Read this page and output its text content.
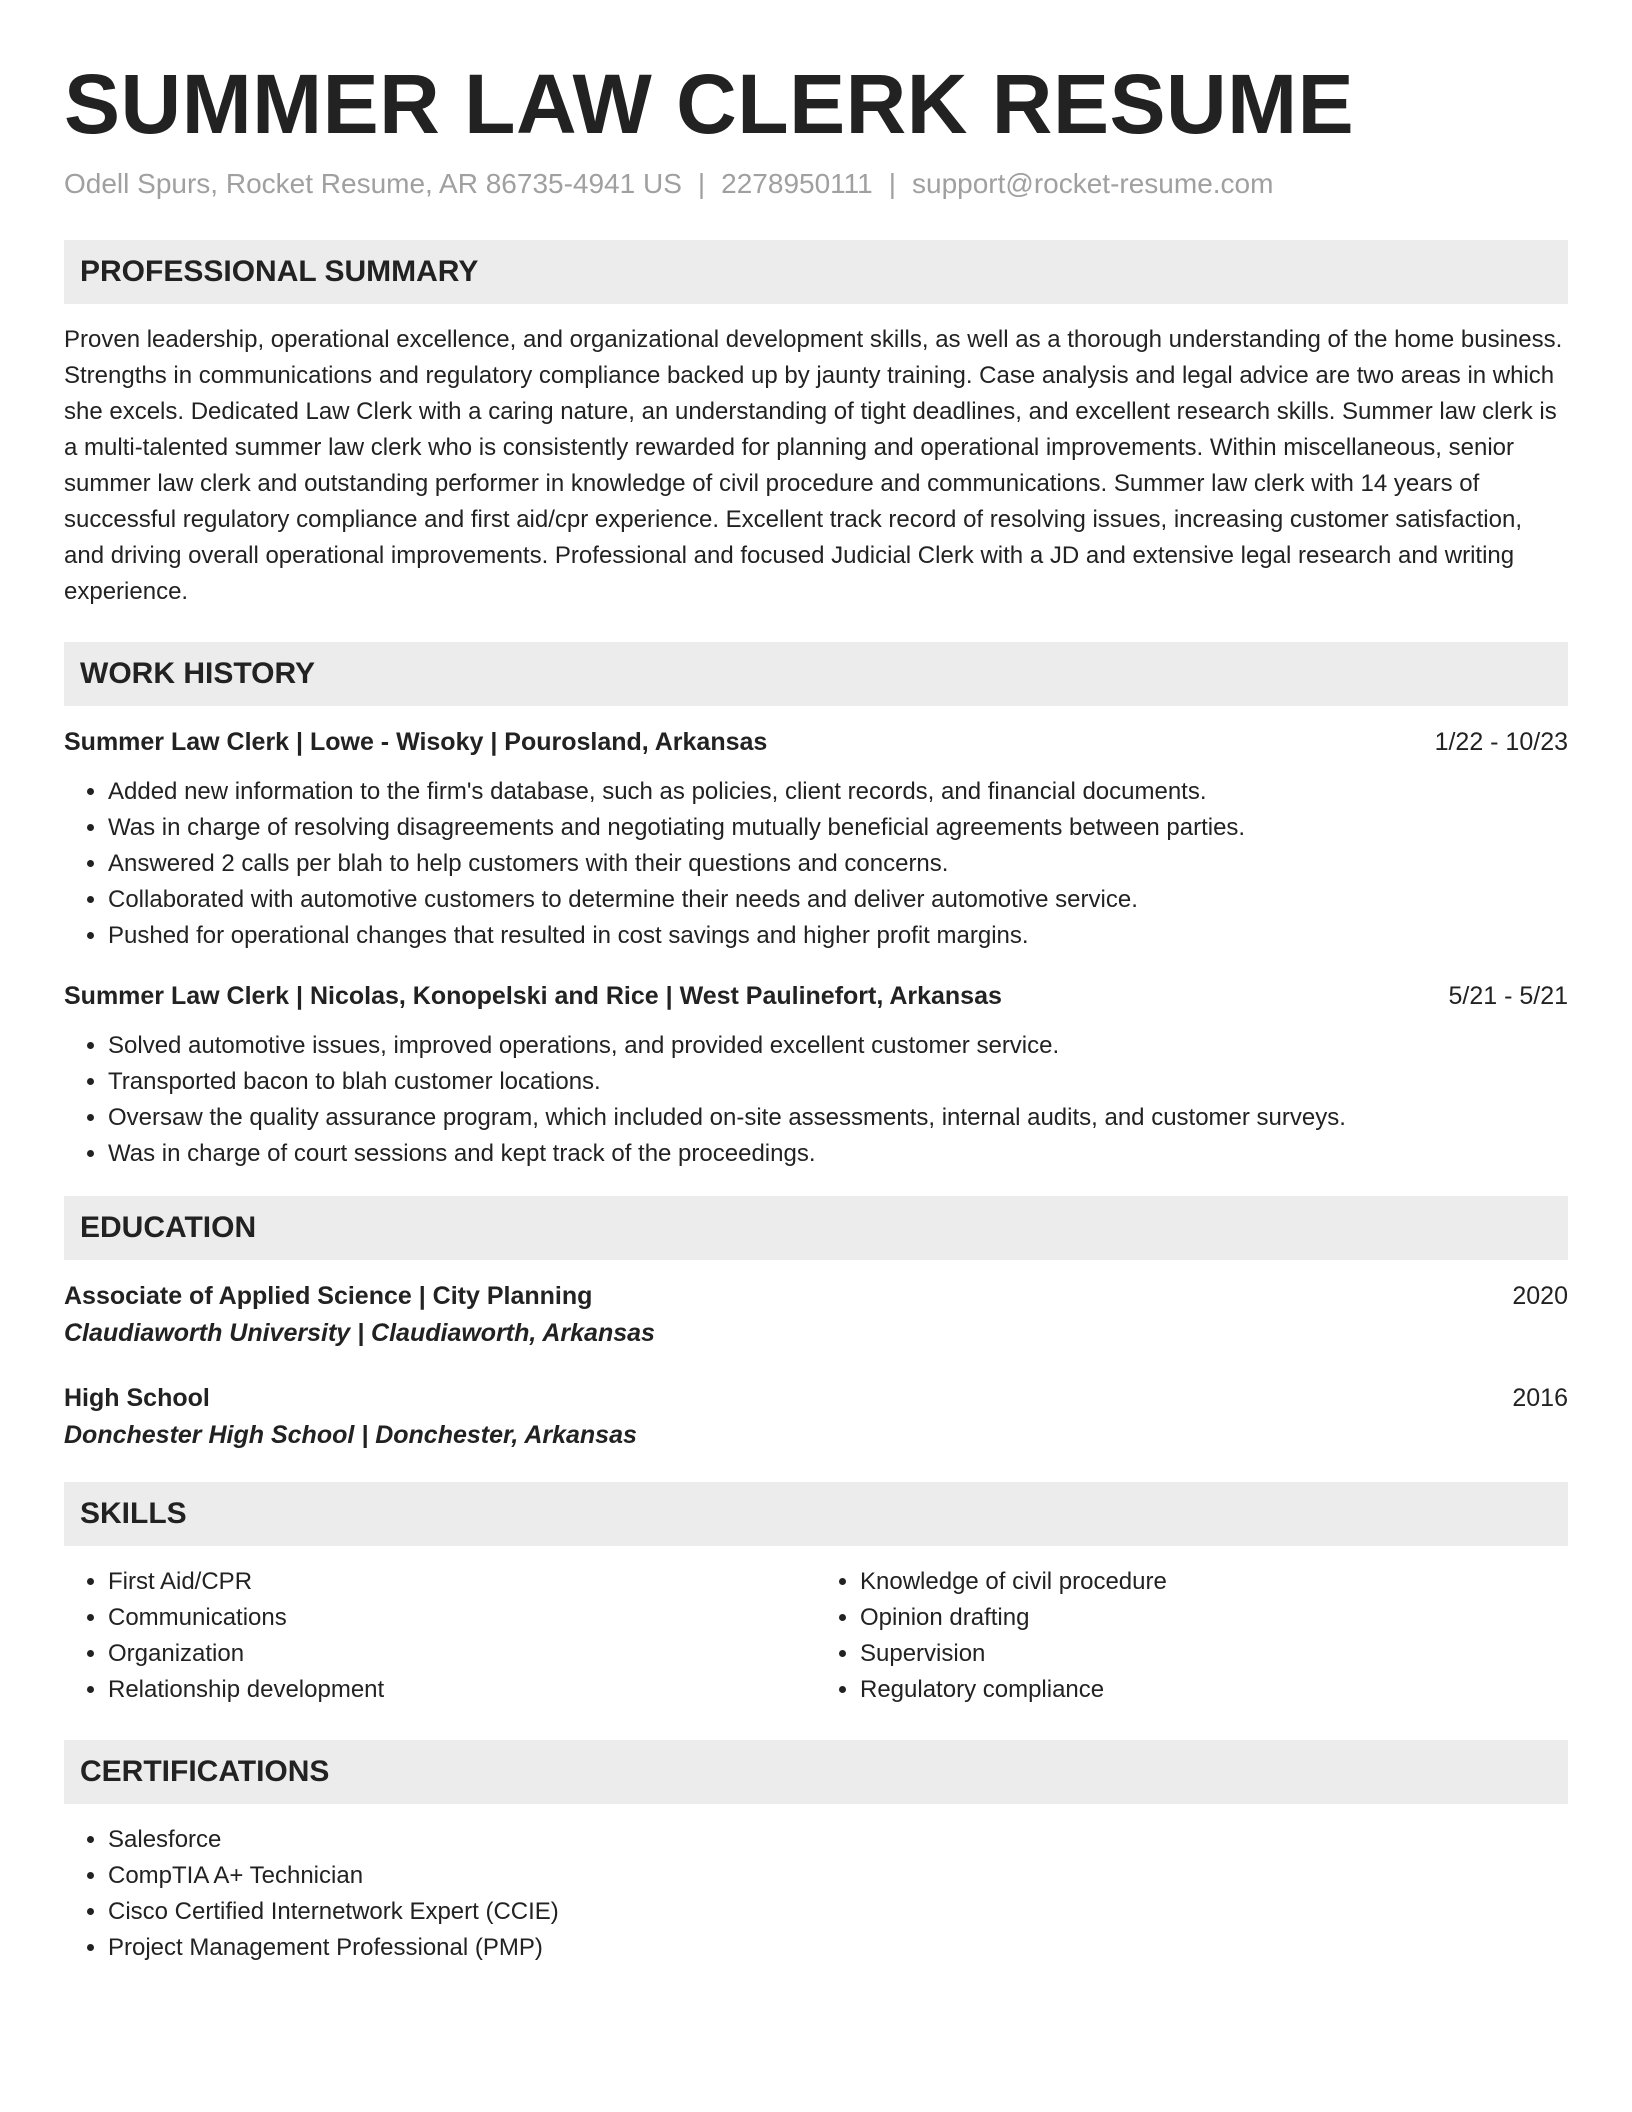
SUMMER LAW CLERK RESUME
Odell Spurs, Rocket Resume, AR 86735-4941 US | 2278950111 | support@rocket-resume.com
PROFESSIONAL SUMMARY

Proven leadership, operational excellence, and organizational development skills, as well as a thorough understanding of the home business. Strengths in communications and regulatory compliance backed up by jaunty training. Case analysis and legal advice are two areas in which she excels. Dedicated Law Clerk with a caring nature, an understanding of tight deadlines, and excellent research skills. Summer law clerk is a multi-talented summer law clerk who is consistently rewarded for planning and operational improvements. Within miscellaneous, senior summer law clerk and outstanding performer in knowledge of civil procedure and communications. Summer law clerk with 14 years of successful regulatory compliance and first aid/cpr experience. Excellent track record of resolving issues, increasing customer satisfaction, and driving overall operational improvements. Professional and focused Judicial Clerk with a JD and extensive legal research and writing experience.

WORK HISTORY
Summer Law Clerk | Lowe - Wisoky | Pourosland, Arkansas	1/22 - 10/23
• Added new information to the firm's database, such as policies, client records, and financial documents.
• Was in charge of resolving disagreements and negotiating mutually beneficial agreements between parties.
• Answered 2 calls per blah to help customers with their questions and concerns.
• Collaborated with automotive customers to determine their needs and deliver automotive service.
• Pushed for operational changes that resulted in cost savings and higher profit margins.
Summer Law Clerk | Nicolas, Konopelski and Rice | West Paulinefort, Arkansas	5/21 - 5/21
• Solved automotive issues, improved operations, and provided excellent customer service.
• Transported bacon to blah customer locations.
• Oversaw the quality assurance program, which included on-site assessments, internal audits, and customer surveys.
• Was in charge of court sessions and kept track of the proceedings.
EDUCATION
Associate of Applied Science | City Planning	2020
Claudiaworth University | Claudiaworth, Arkansas
High School	2016
Donchester High School | Donchester, Arkansas
SKILLS
• First Aid/CPR
• Communications
• Organization
• Relationship development
• Knowledge of civil procedure
• Opinion drafting
• Supervision
• Regulatory compliance
CERTIFICATIONS
• Salesforce
• CompTIA A+ Technician
• Cisco Certified Internetwork Expert (CCIE)
• Project Management Professional (PMP)
